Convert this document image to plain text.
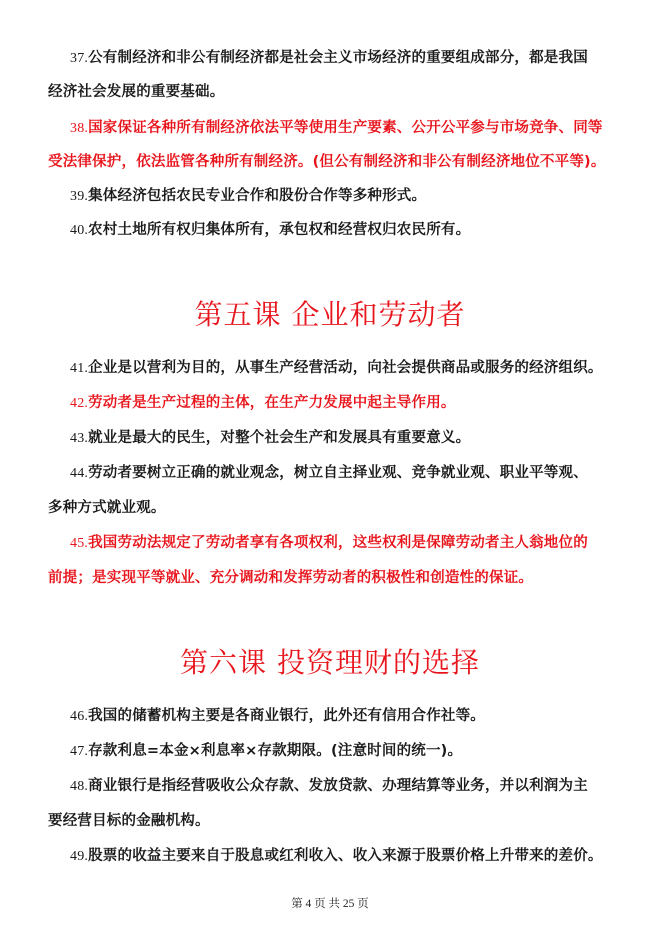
37.公有制经济和非公有制经济都是社会主义市场经济的重要组成部分，都是我国
经济社会发展的重要基础。
38.国家保证各种所有制经济依法平等使用生产要素、公开公平参与市场竞争、同等
受法律保护，依法监管各种所有制经济。(但公有制经济和非公有制经济地位不平等)。
39.集体经济包括农民专业合作和股份合作等多种形式。
40.农村土地所有权归集体所有，承包权和经营权归农民所有。
第五课 企业和劳动者
41.企业是以营利为目的，从事生产经营活动，向社会提供商品或服务的经济组织。
42.劳动者是生产过程的主体，在生产力发展中起主导作用。
43.就业是最大的民生，对整个社会生产和发展具有重要意义。
44.劳动者要树立正确的就业观念，树立自主择业观、竞争就业观、职业平等观、
多种方式就业观。
45.我国劳动法规定了劳动者享有各项权利，这些权利是保障劳动者主人翁地位的
前提；是实现平等就业、充分调动和发挥劳动者的积极性和创造性的保证。
第六课 投资理财的选择
46.我国的储蓄机构主要是各商业银行，此外还有信用合作社等。
47.存款利息=本金×利息率×存款期限。(注意时间的统一)。
48.商业银行是指经营吸收公众存款、发放贷款、办理结算等业务，并以利润为主
要经营目标的金融机构。
49.股票的收益主要来自于股息或红利收入、收入来源于股票价格上升带来的差价。
第 4 页 共 25 页
